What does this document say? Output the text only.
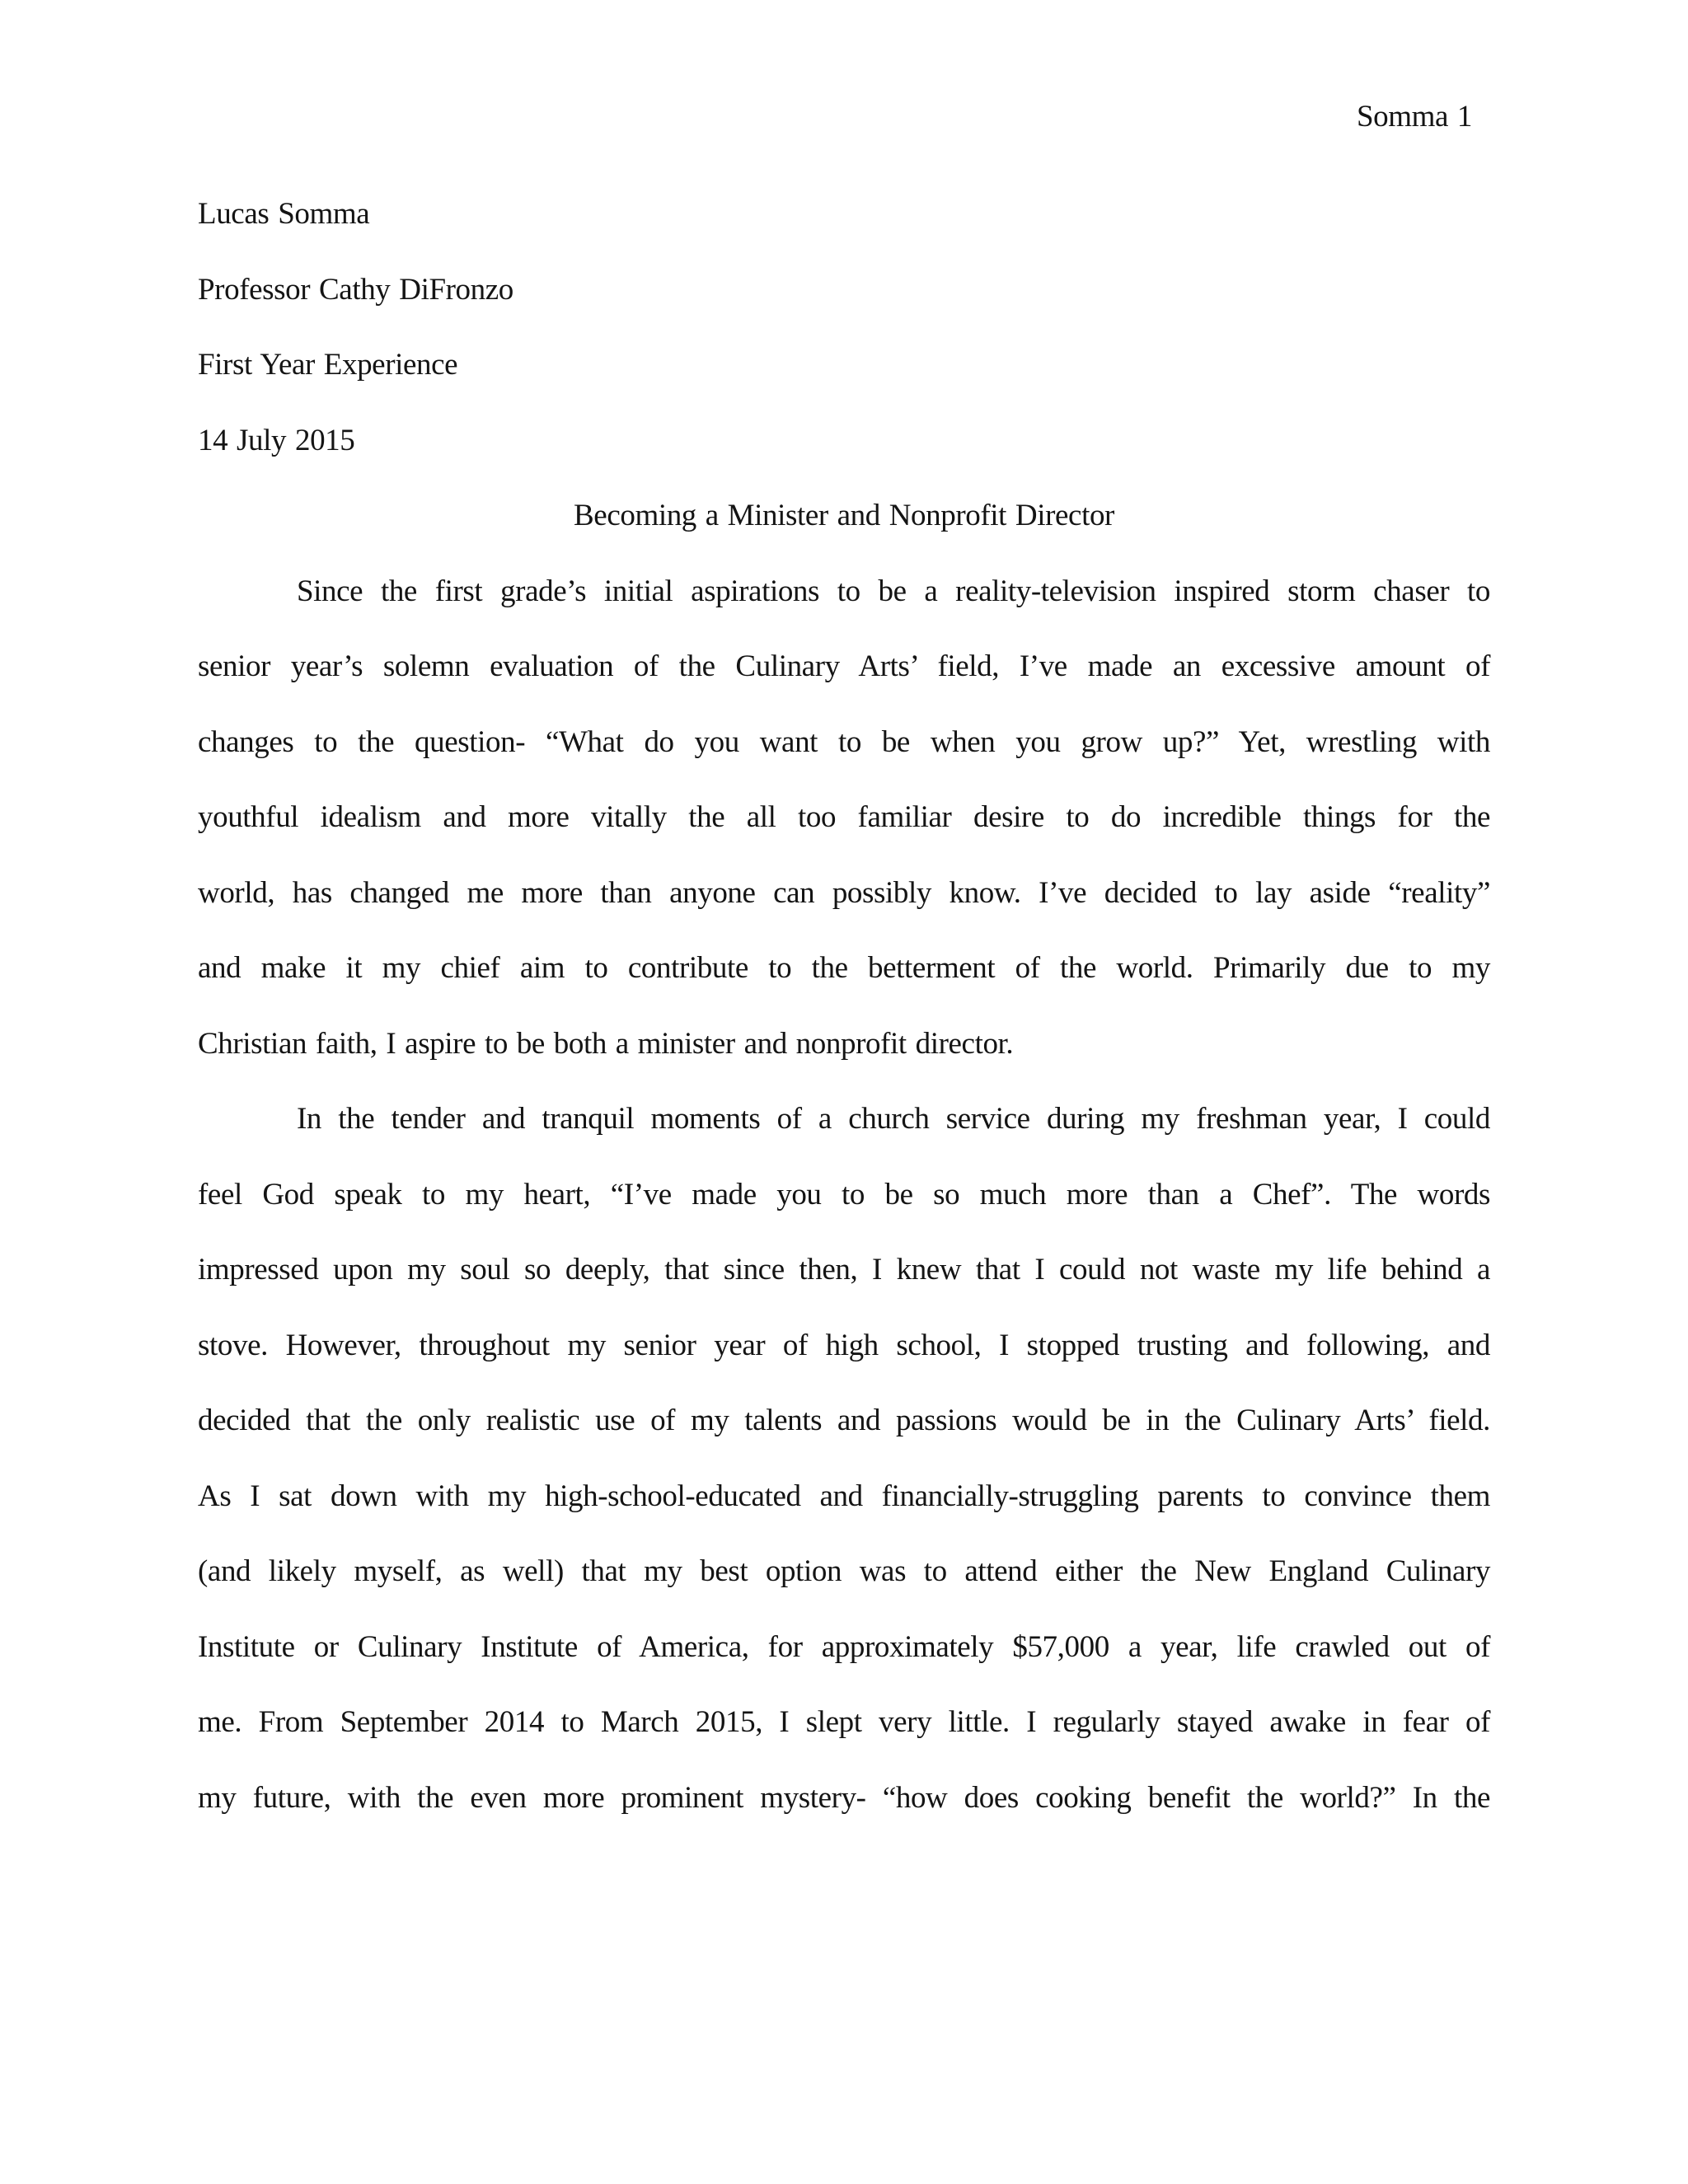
Somma 1
Lucas Somma
Professor Cathy DiFronzo
First Year Experience
14 July 2015
Becoming a Minister and Nonprofit Director
Since the first grade’s initial aspirations to be a reality-television inspired storm chaser to
senior year’s solemn evaluation of the Culinary Arts’ field, I’ve made an excessive amount of
changes to the question- “What do you want to be when you grow up?” Yet, wrestling with
youthful idealism and more vitally the all too familiar desire to do incredible things for the
world, has changed me more than anyone can possibly know. I’ve decided to lay aside “reality”
and make it my chief aim to contribute to the betterment of the world. Primarily due to my
Christian faith, I aspire to be both a minister and nonprofit director.
In the tender and tranquil moments of a church service during my freshman year, I could
feel God speak to my heart, “I’ve made you to be so much more than a Chef”. The words
impressed upon my soul so deeply, that since then, I knew that I could not waste my life behind a
stove. However, throughout my senior year of high school, I stopped trusting and following, and
decided that the only realistic use of my talents and passions would be in the Culinary Arts’ field.
As I sat down with my high-school-educated and financially-struggling parents to convince them
(and likely myself, as well) that my best option was to attend either the New England Culinary
Institute or Culinary Institute of America, for approximately $57,000 a year, life crawled out of
me. From September 2014 to March 2015, I slept very little. I regularly stayed awake in fear of
my future, with the even more prominent mystery- “how does cooking benefit the world?” In the
